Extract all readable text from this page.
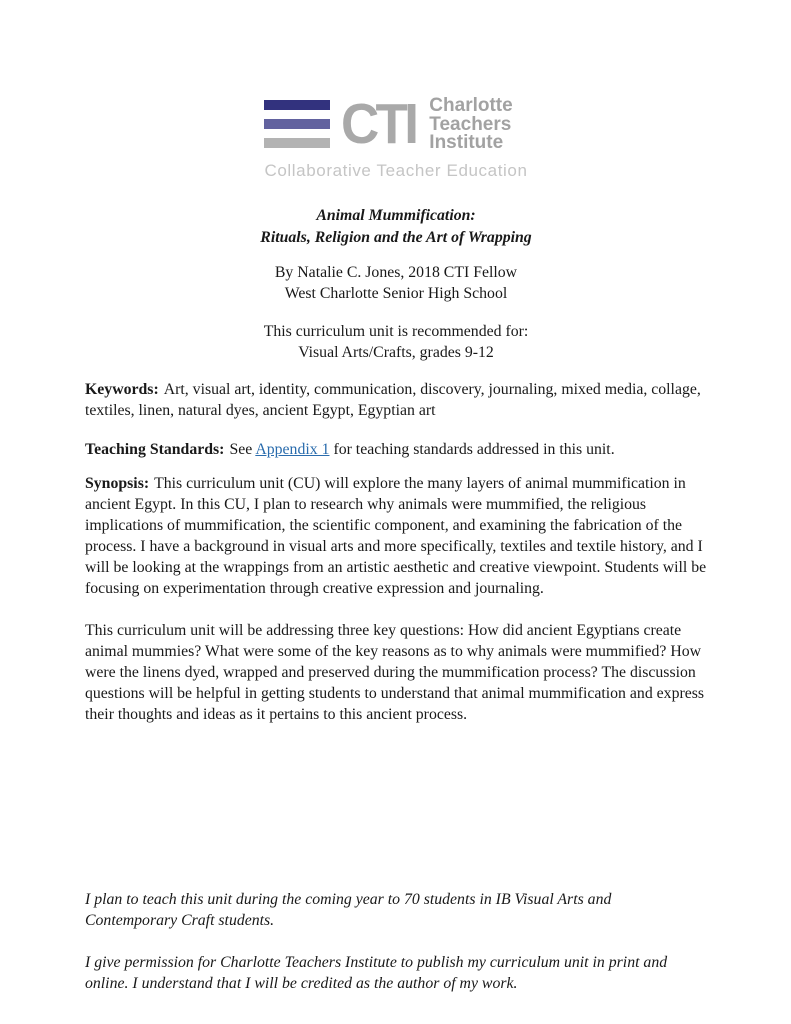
CTI Charlotte
Teachers
Institute
Collaborative Teacher Education
Animal Mummification:
Rituals, Religion and the Art of Wrapping
By Natalie C. Jones, 2018 CTI Fellow
West Charlotte Senior High School
This curriculum unit is recommended for:
Visual Arts/Crafts, grades 9-12

Keywords: Art, visual art, identity, communication, discovery, journaling, mixed media, collage, textiles, linen, natural dyes, ancient Egypt, Egyptian art

Teaching Standards: See Appendix 1 for teaching standards addressed in this unit.

Synopsis: This curriculum unit (CU) will explore the many layers of animal mummification in ancient Egypt. In this CU, I plan to research why animals were mummified, the religious implications of mummification, the scientific component, and examining the fabrication of the process. I have a background in visual arts and more specifically, textiles and textile history, and I will be looking at the wrappings from an artistic aesthetic and creative viewpoint. Students will be focusing on experimentation through creative expression and journaling.

This curriculum unit will be addressing three key questions: How did ancient Egyptians create animal mummies? What were some of the key reasons as to why animals were mummified? How were the linens dyed, wrapped and preserved during the mummification process? The discussion questions will be helpful in getting students to understand that animal mummification and express their thoughts and ideas as it pertains to this ancient process.

I plan to teach this unit during the coming year to 70 students in IB Visual Arts and Contemporary Craft students.

I give permission for Charlotte Teachers Institute to publish my curriculum unit in print and online. I understand that I will be credited as the author of my work.
